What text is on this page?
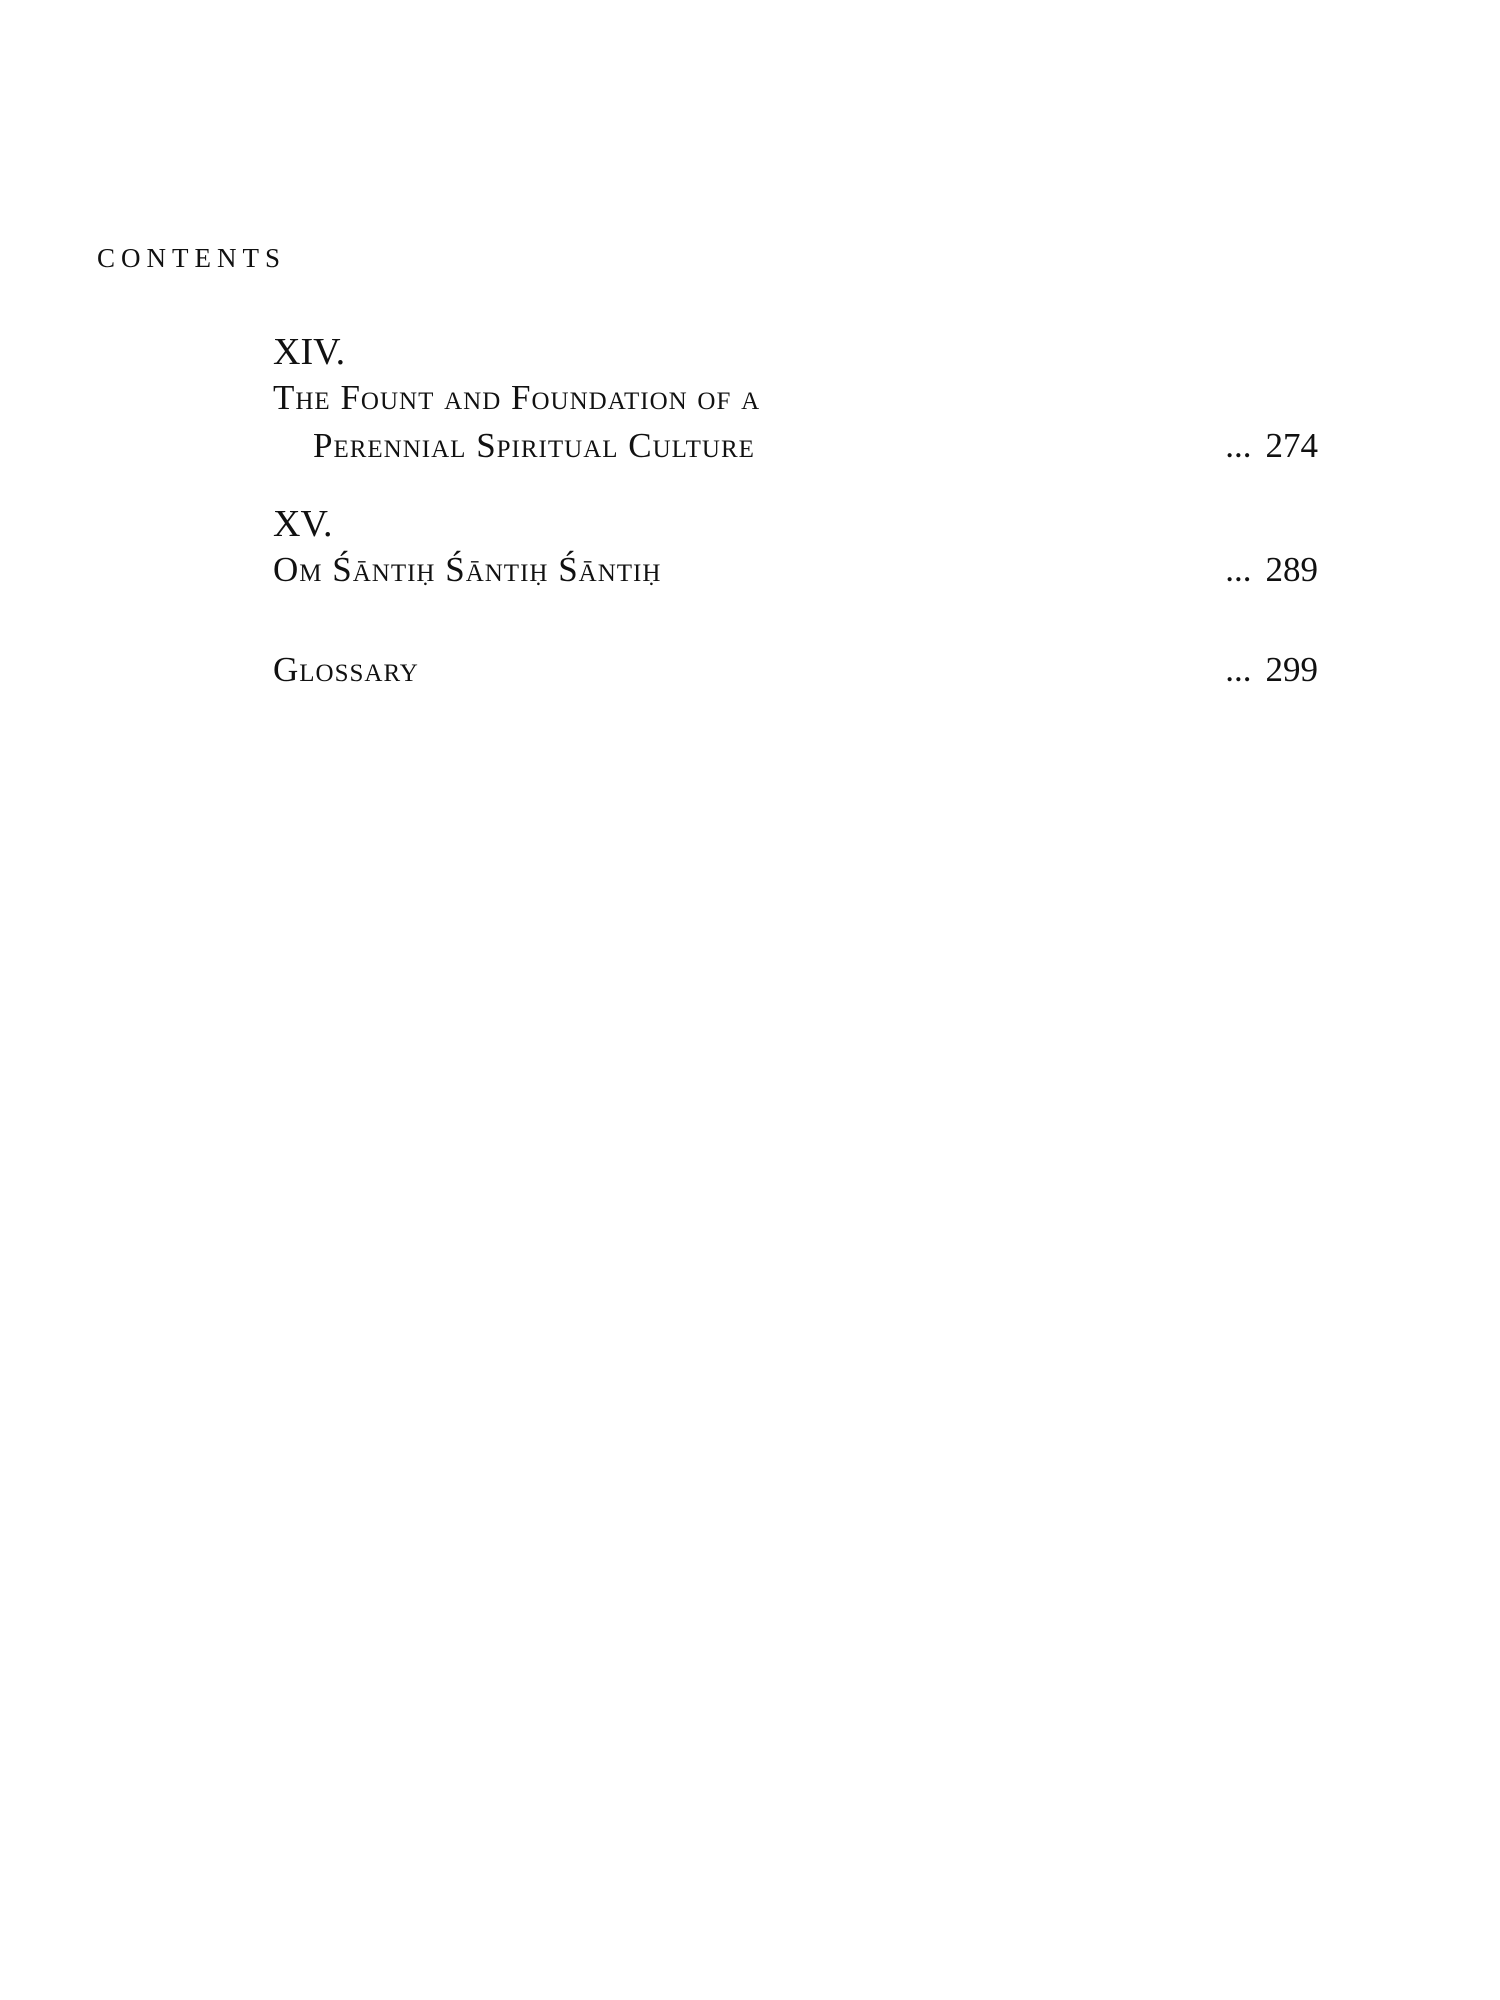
CONTENTS
XIV.
The Fount and Foundation of a
Perennial Spiritual Culture	... 274
XV.
Om Śāntiḥ Śāntiḥ Śāntiḥ	... 289
Glossary	... 299
